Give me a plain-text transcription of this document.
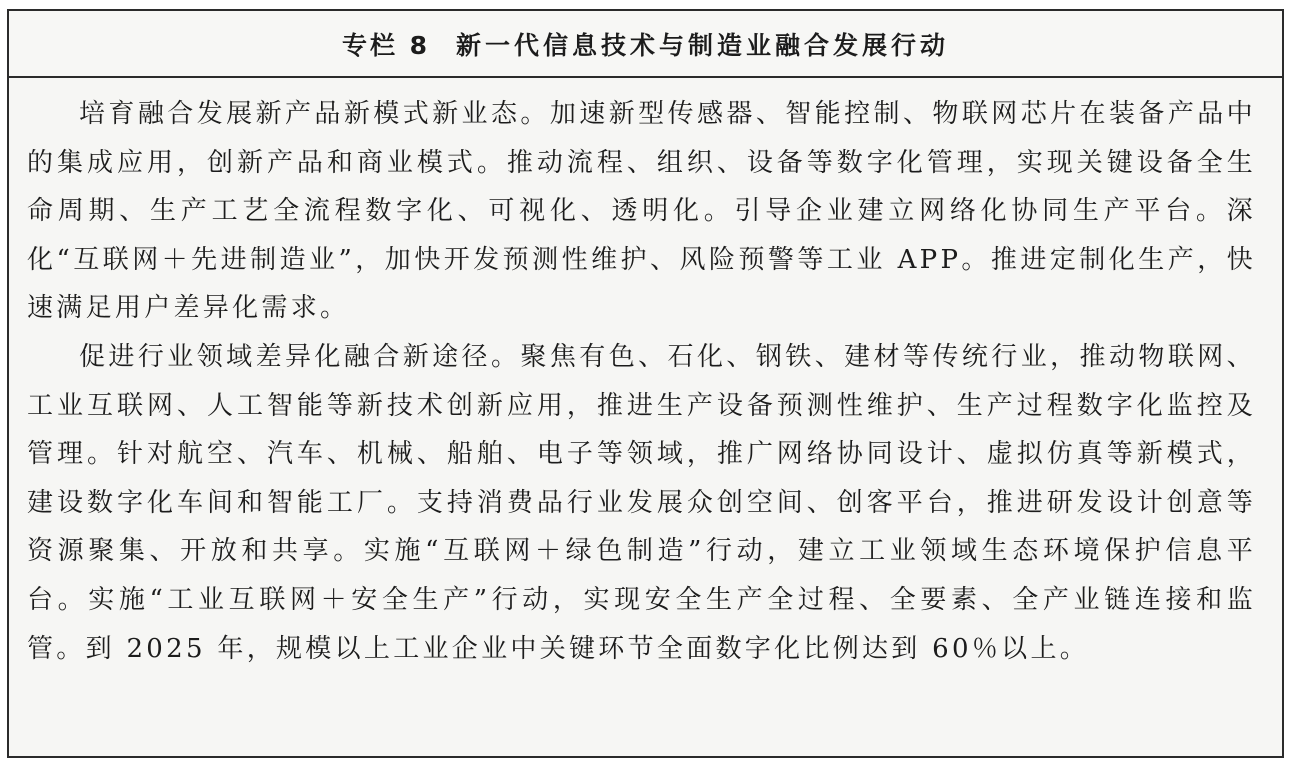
专栏 8 新一代信息技术与制造业融合发展行动

培育融合发展新产品新模式新业态。加速新型传感器、智能控制、物联网芯片在装备产品中的集成应用，创新产品和商业模式。推动流程、组织、设备等数字化管理，实现关键设备全生命周期、生产工艺全流程数字化、可视化、透明化。引导企业建立网络化协同生产平台。深化“互联网＋先进制造业”，加快开发预测性维护、风险预警等工业 APP。推进定制化生产，快速满足用户差异化需求。

促进行业领域差异化融合新途径。聚焦有色、石化、钢铁、建材等传统行业，推动物联网、工业互联网、人工智能等新技术创新应用，推进生产设备预测性维护、生产过程数字化监控及管理。针对航空、汽车、机械、船舶、电子等领域，推广网络协同设计、虚拟仿真等新模式，建设数字化车间和智能工厂。支持消费品行业发展众创空间、创客平台，推进研发设计创意等资源聚集、开放和共享。实施“互联网＋绿色制造”行动，建立工业领域生态环境保护信息平台。实施“工业互联网＋安全生产”行动，实现安全生产全过程、全要素、全产业链连接和监管。到 2025 年，规模以上工业企业中关键环节全面数字化比例达到 60％以上。
